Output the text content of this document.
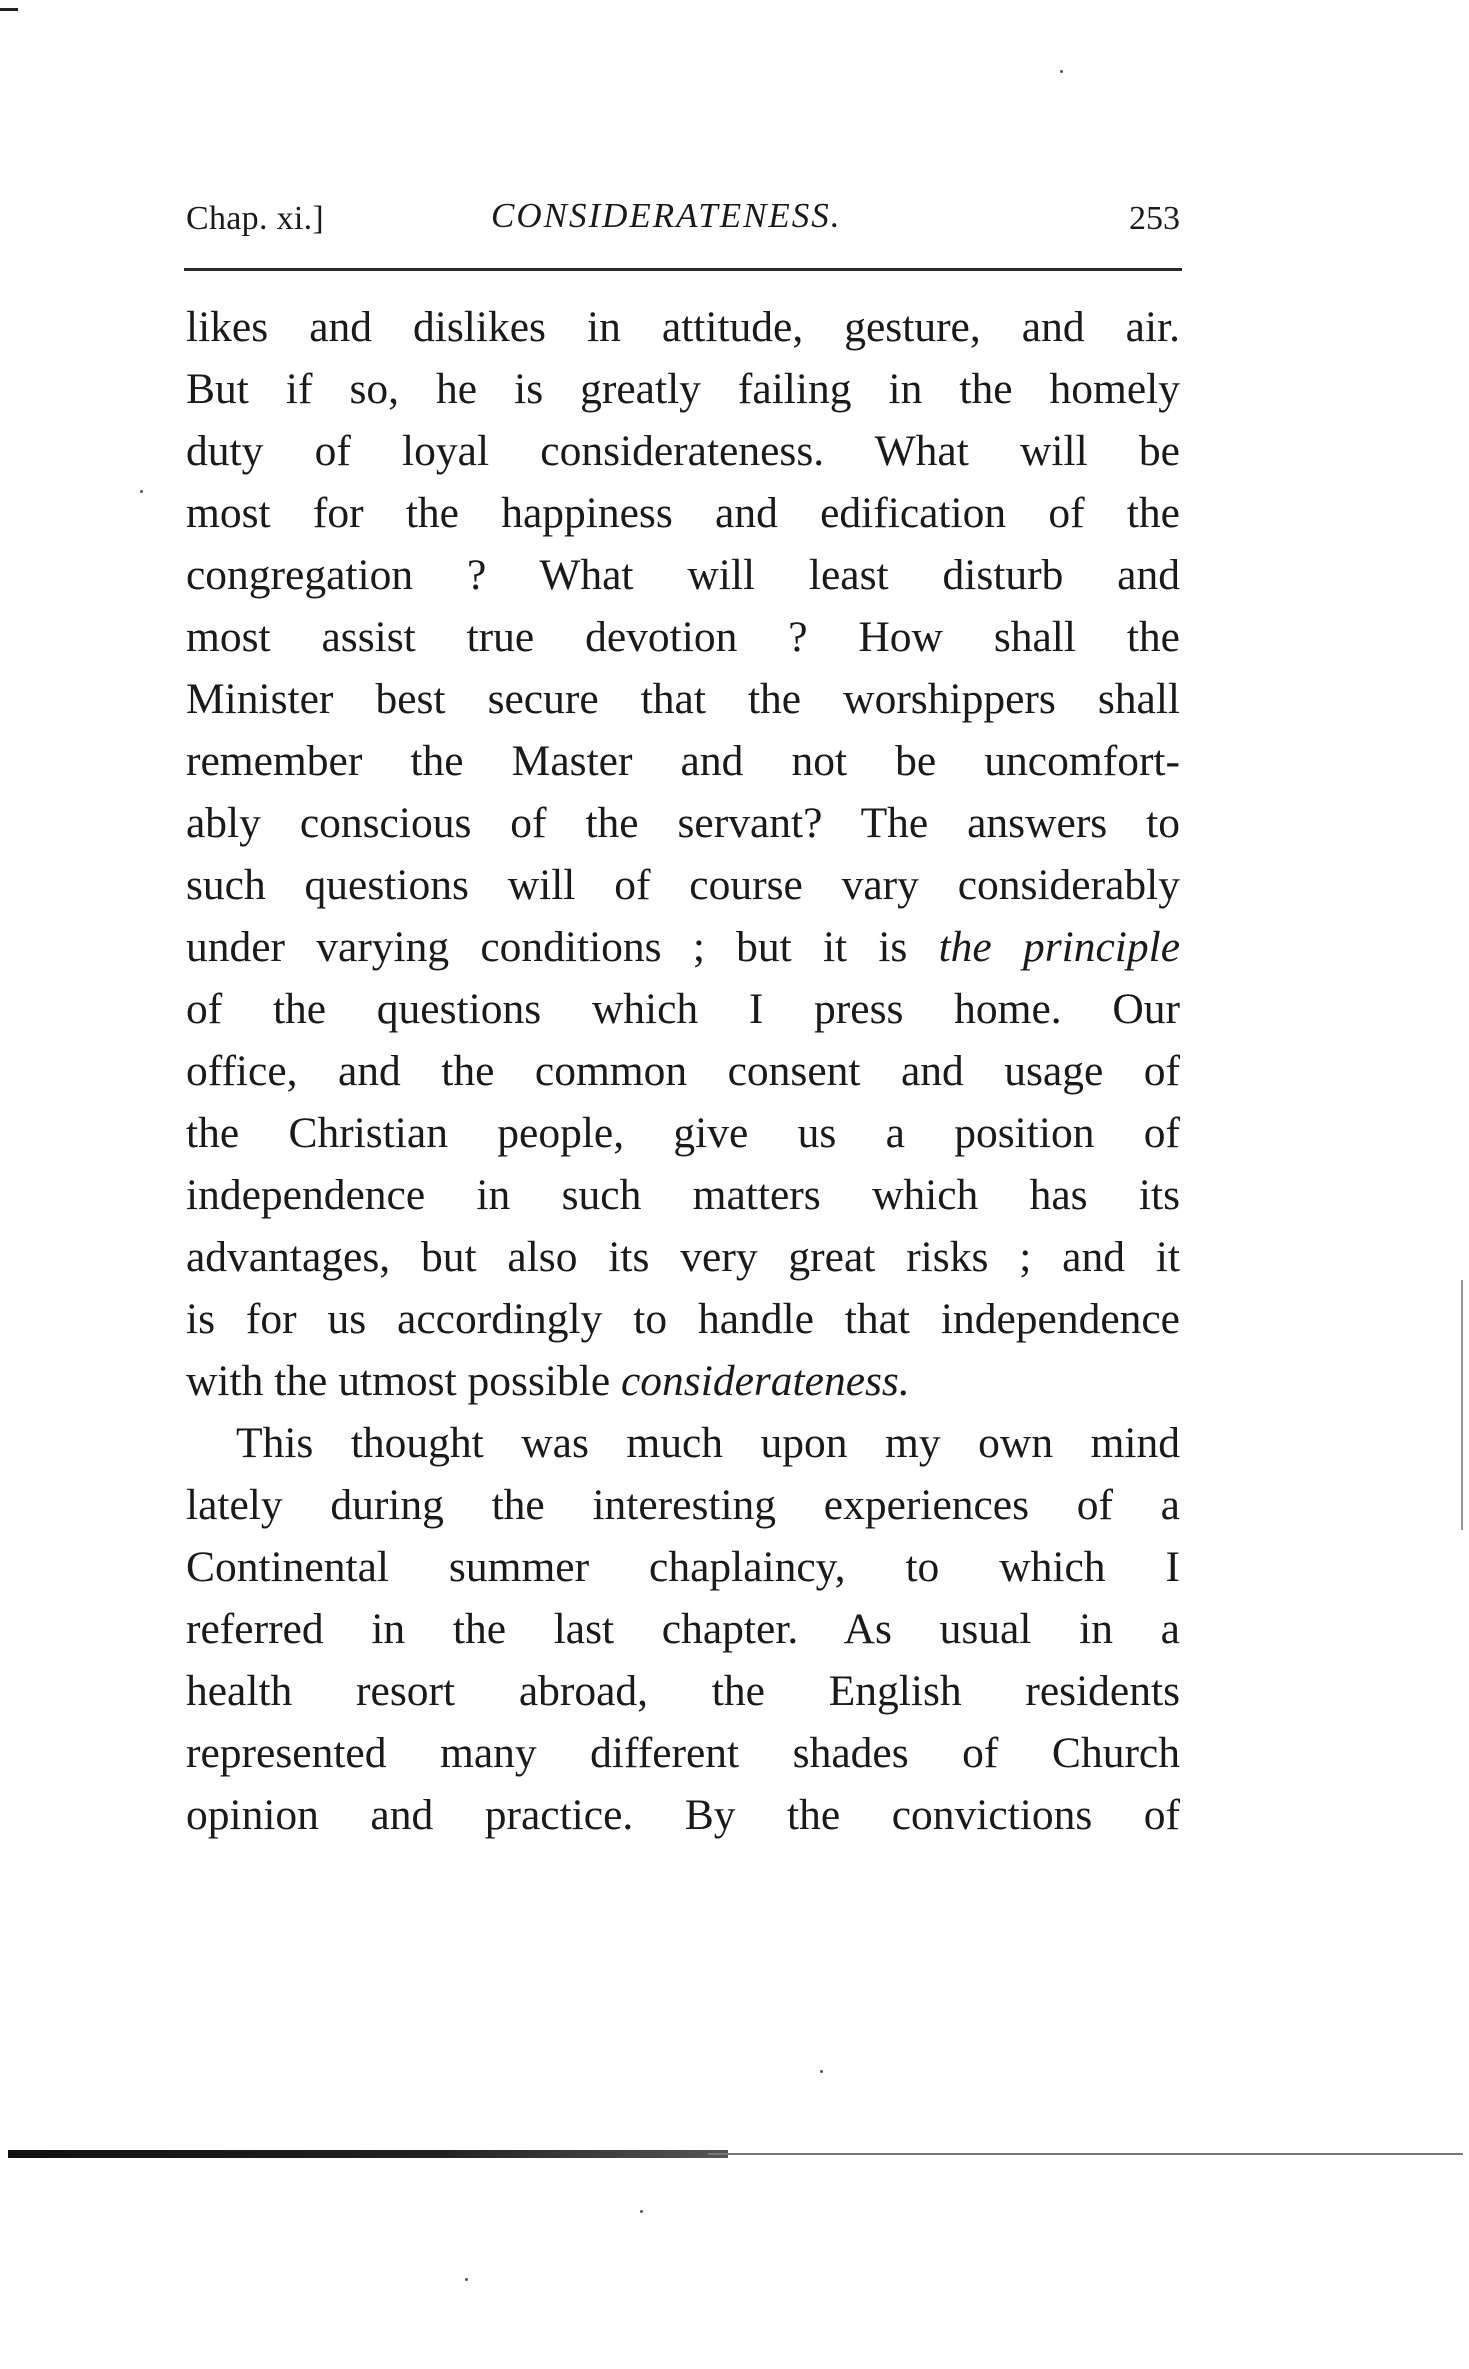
Chap. xi.]	CONSIDERATENESS.	253
likes and dislikes in attitude, gesture, and air.
But if so, he is greatly failing in the homely
duty of loyal considerateness. What will be
most for the happiness and edification of the
congregation ? What will least disturb and
most assist true devotion ? How shall the
Minister best secure that the worshippers shall
remember the Master and not be uncomfort-
ably conscious of the servant? The answers to
such questions will of course vary considerably
under varying conditions ; but it is the principle
of the questions which I press home. Our
office, and the common consent and usage of
the Christian people, give us a position of
independence in such matters which has its
advantages, but also its very great risks ; and it
is for us accordingly to handle that independence
with the utmost possible considerateness.
This thought was much upon my own mind
lately during the interesting experiences of a
Continental summer chaplaincy, to which I
referred in the last chapter. As usual in a
health resort abroad, the English residents
represented many different shades of Church
opinion and practice. By the convictions of
